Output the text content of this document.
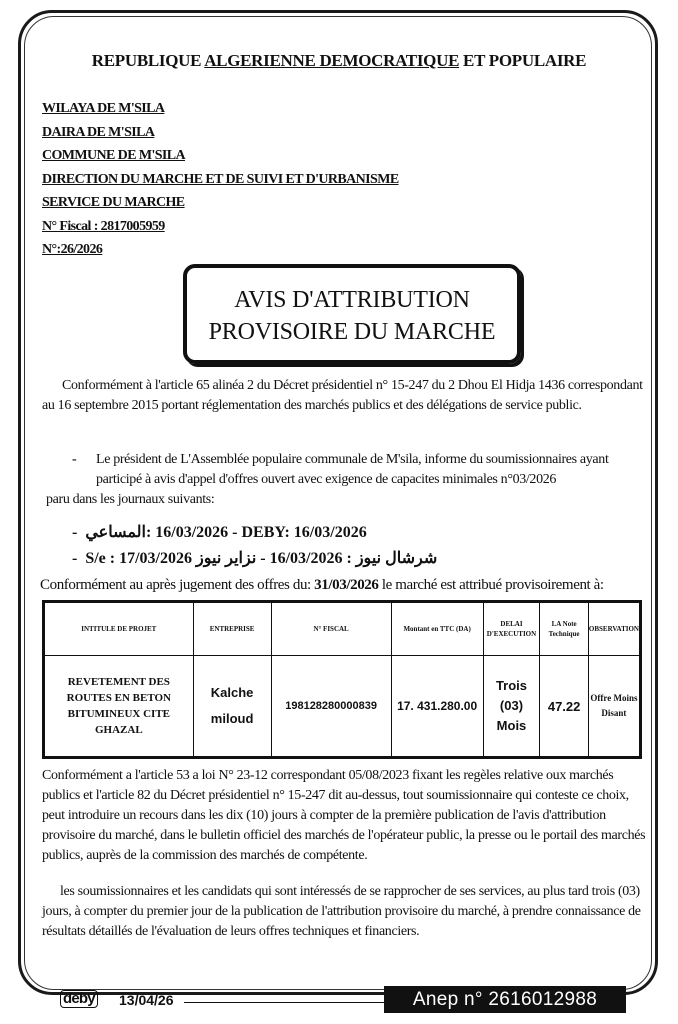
REPUBLIQUE ALGERIENNE DEMOCRATIQUE ET POPULAIRE
WILAYA DE M'SILA
DAIRA DE M'SILA
COMMUNE DE M'SILA
DIRECTION DU MARCHE ET DE SUIVI ET D'URBANISME
SERVICE DU MARCHE
N° Fiscal : 2817005959
N°:26/2026
AVIS D'ATTRIBUTION
PROVISOIRE DU MARCHE
Conformément à l'article 65 alinéa 2 du Décret présidentiel n° 15-247 du 2 Dhou El Hidja 1436 correspondant au 16 septembre 2015 portant réglementation des marchés publics et des délégations de service public.
-	Le président de L'Assemblée populaire communale de M'sila, informe du soumissionnaires ayant participé à avis d'appel d'offres ouvert avec exigence de capacites minimales n°03/2026
paru dans les journaux suivants:
-  المساعي: 16/03/2026 - DEBY: 16/03/2026
-  S/e : شرشال نيوز : 16/03/2026 - نزاير نيوز 17/03/2026
Conformément au après jugement des offres du: 31/03/2026 le marché est attribué provisoirement à:
INTITULE DE PROJET	ENTREPRISE	N° FISCAL	Montant en TTC (DA)	DELAI D'EXECUTION	LA Note Technique	OBSERVATION
REVETEMENT DES ROUTES EN BETON BITUMINEUX CITE GHAZAL	Kalche miloud	198128280000839	17. 431.280.00	Trois (03) Mois	47.22	Offre Moins Disant
Conformément a l'article 53 a loi N° 23-12 correspondant 05/08/2023 fixant les regèles relative oux marchés publics et l'article 82 du Décret présidentiel n° 15-247 dit au-dessus, tout soumissionnaire qui conteste ce choix, peut introduire un recours dans les dix (10) jours à compter de la première publication de l'avis d'attribution provisoire du marché, dans le bulletin officiel des marchés de l'opérateur public, la presse ou le portail des marchés publics, auprès de la commission des marchés de compétente.
les soumissionnaires et les candidats qui sont intéressés de se rapprocher de ses services, au plus tard trois (03) jours, à compter du premier jour de la publication de l'attribution provisoire du marché, à prendre connaissance de résultats détaillés de l'évaluation de leurs offres techniques et financiers.
deby 13/04/26	Anep n° 2616012988
